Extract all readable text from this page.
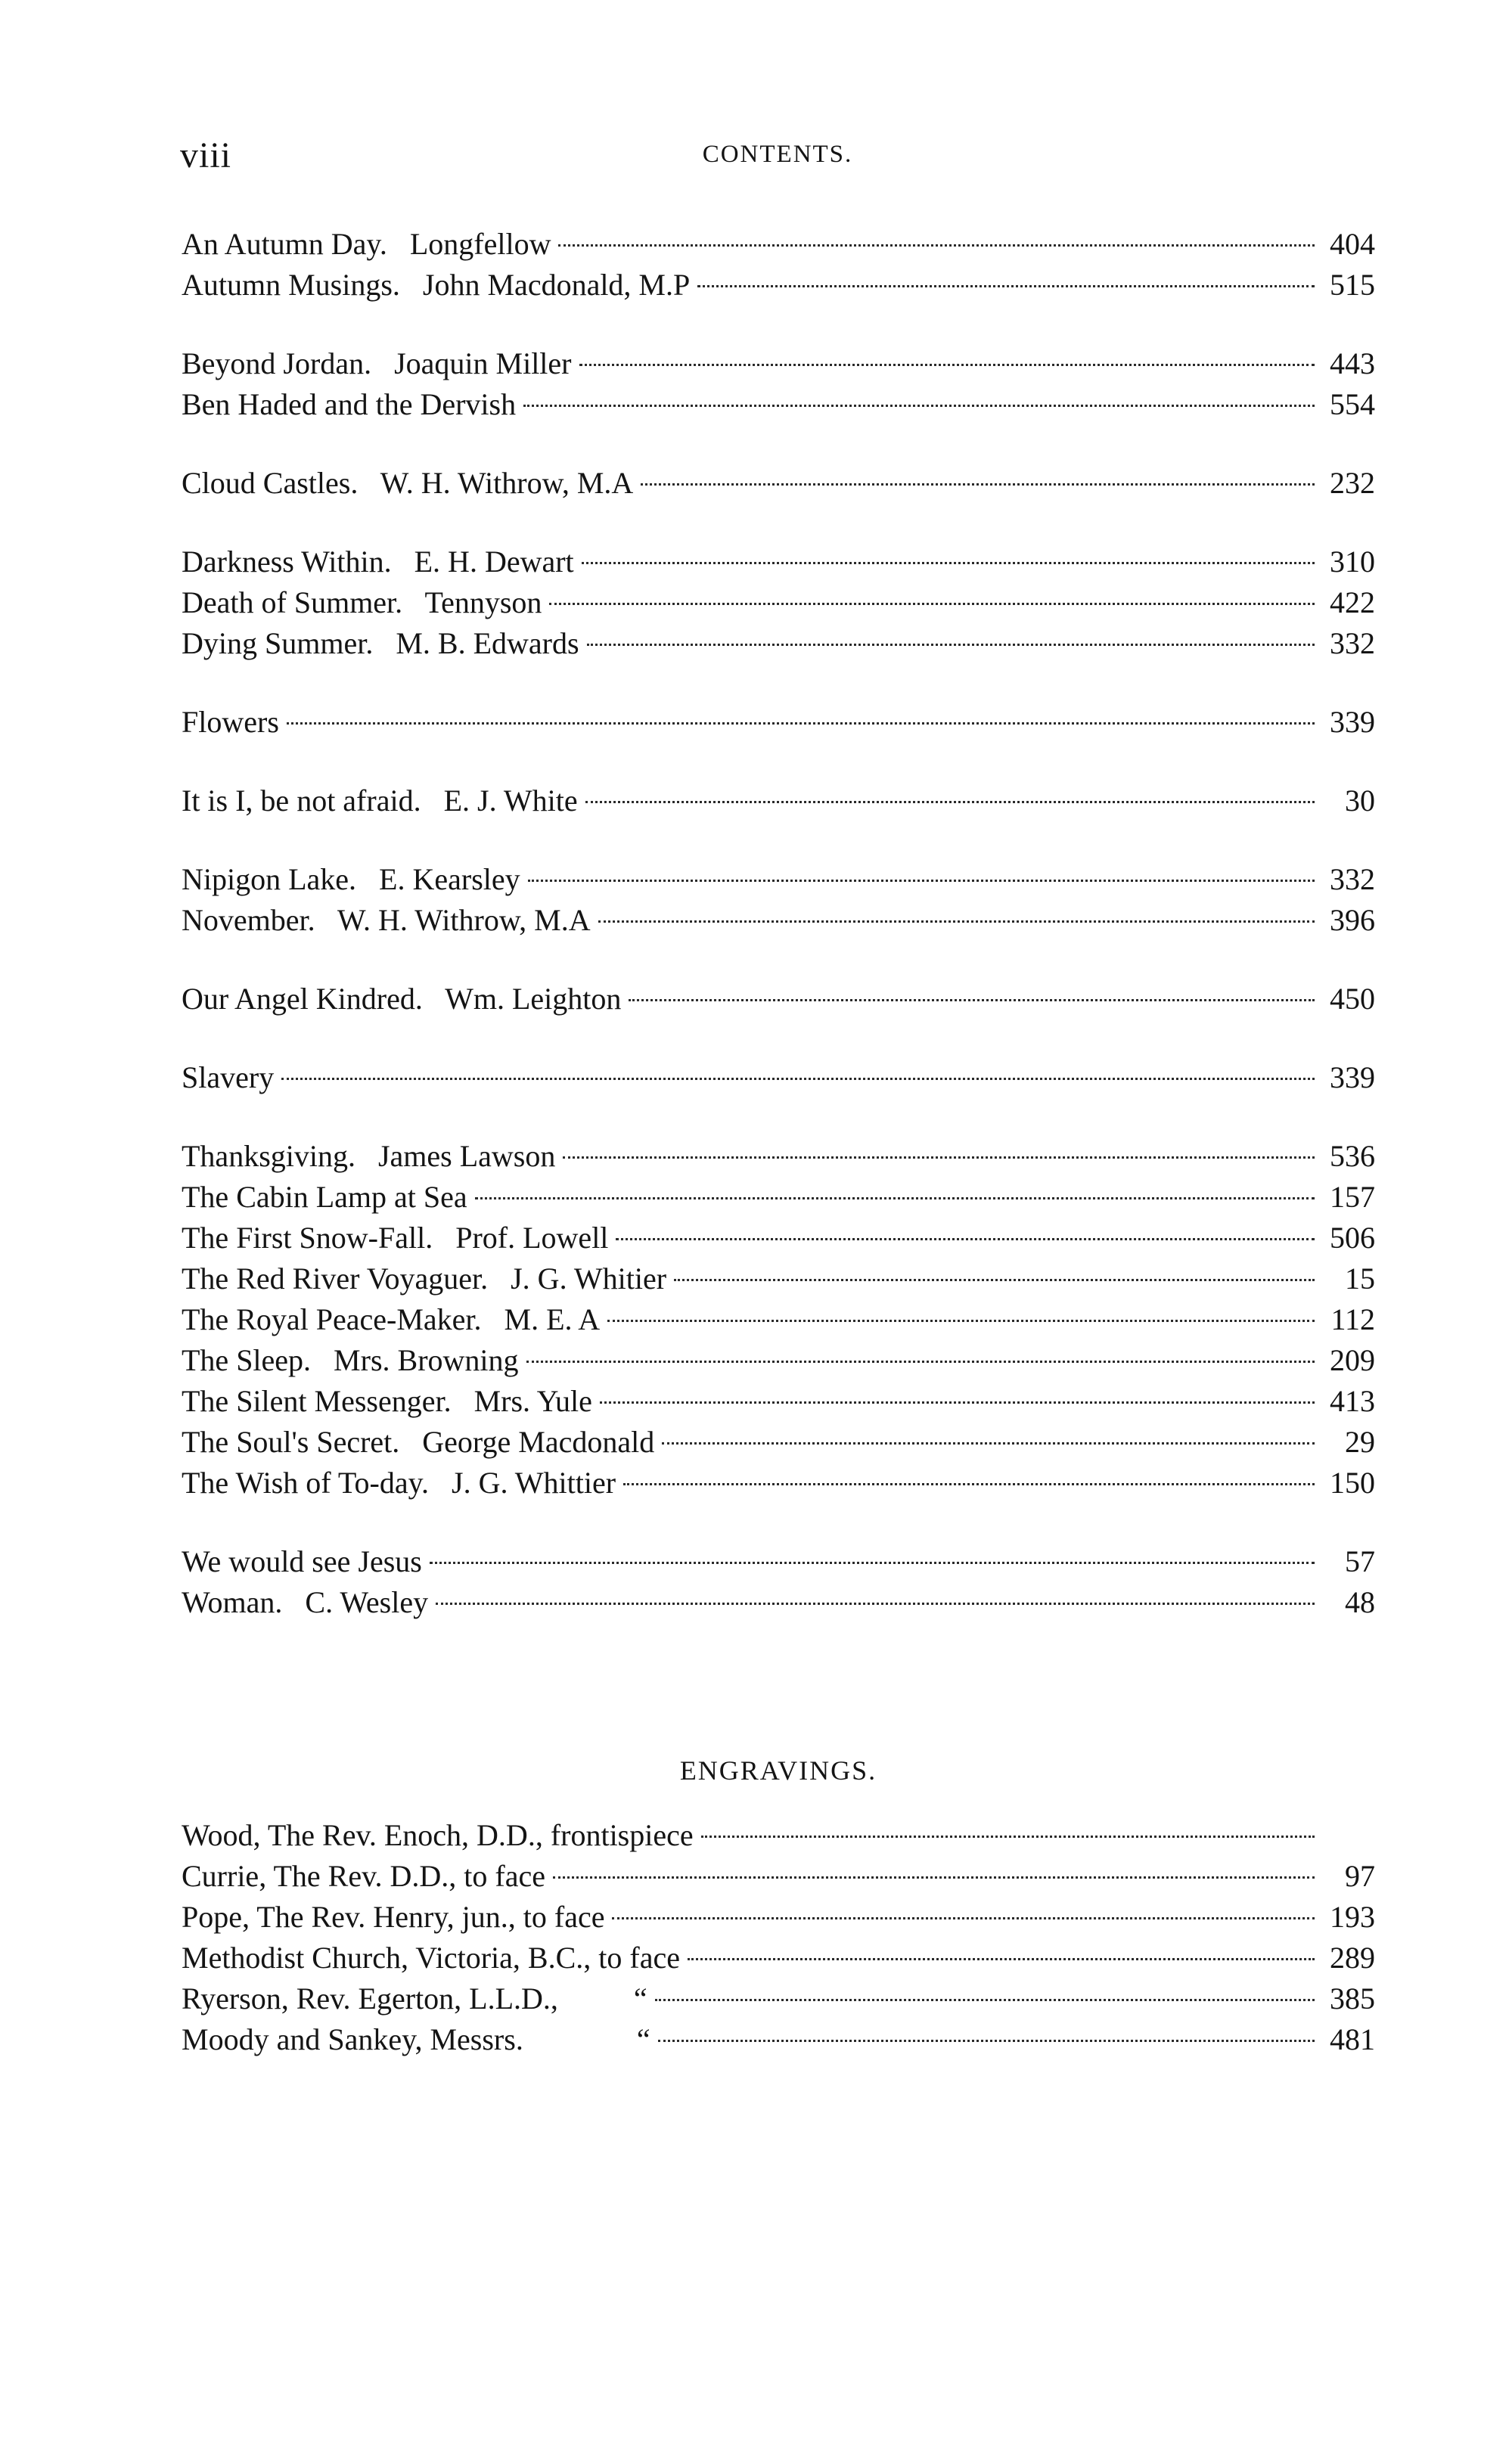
viii	CONTENTS.
An Autumn Day.   Longfellow	404
Autumn Musings.   John Macdonald, M.P	515
Beyond Jordan.   Joaquin Miller	443
Ben Haded and the Dervish	554
Cloud Castles.   W. H. Withrow, M.A	232
Darkness Within.   E. H. Dewart	310
Death of Summer.   Tennyson	422
Dying Summer.   M. B. Edwards	332
Flowers	339
It is I, be not afraid.   E. J. White	30
Nipigon Lake.   E. Kearsley	332
November.   W. H. Withrow, M.A	396
Our Angel Kindred.   Wm. Leighton	450
Slavery	339
Thanksgiving.   James Lawson	536
The Cabin Lamp at Sea	157
The First Snow-Fall.   Prof. Lowell	506
The Red River Voyaguer.   J. G. Whitier	15
The Royal Peace-Maker.   M. E. A	112
The Sleep.   Mrs. Browning	209
The Silent Messenger.   Mrs. Yule	413
The Soul's Secret.   George Macdonald	29
The Wish of To-day.   J. G. Whittier	150
We would see Jesus	57
Woman.   C. Wesley	48
ENGRAVINGS.
Wood, The Rev. Enoch, D.D., frontispiece
Currie, The Rev. D.D., to face	97
Pope, The Rev. Henry, jun., to face	193
Methodist Church, Victoria, B.C., to face	289
Ryerson, Rev. Egerton, L.L.D.,          “	385
Moody and Sankey, Messrs.               “	481
